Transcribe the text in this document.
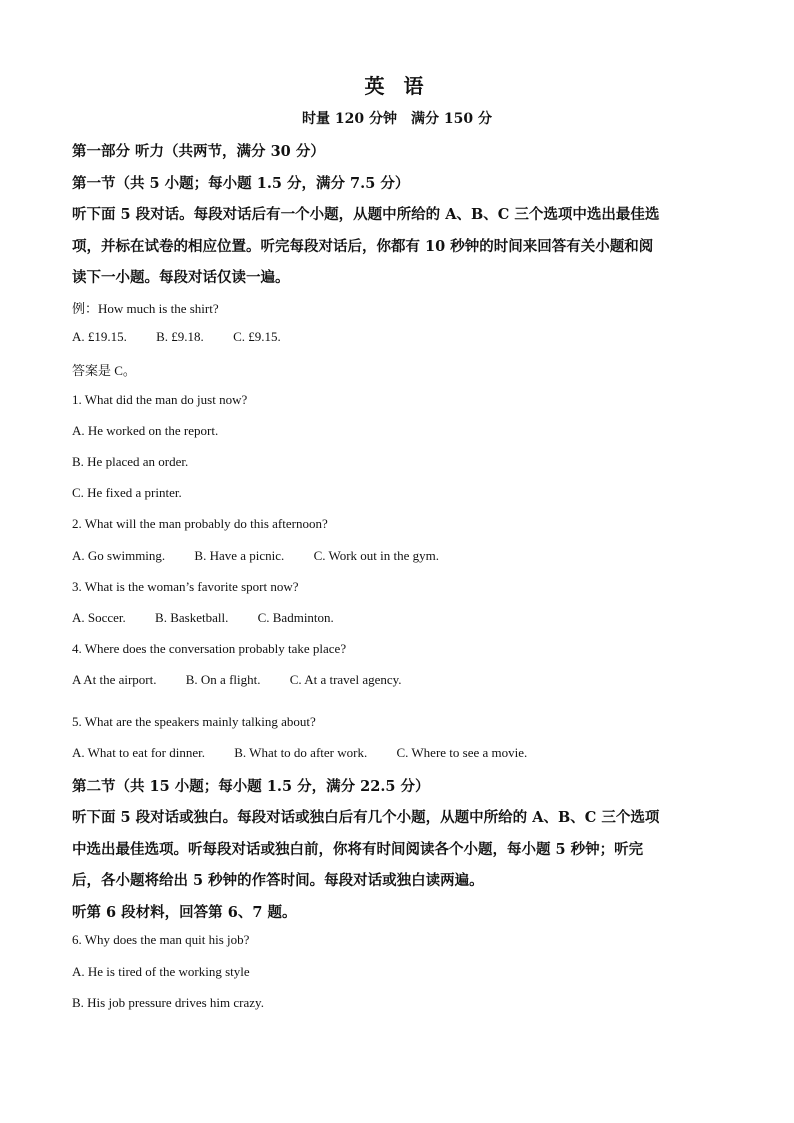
英 语
时量 120 分钟　满分 150 分
第一部分 听力（共两节，满分 30 分）
第一节（共 5 小题；每小题 1.5 分，满分 7.5 分）
听下面 5 段对话。每段对话后有一个小题，从题中所给的 A、B、C 三个选项中选出最佳选
项，并标在试卷的相应位置。听完每段对话后，你都有 10 秒钟的时间来回答有关小题和阅
读下一小题。每段对话仅读一遍。
例：How much is the shirt?
A. £19.15. B. £9.18. C. £9.15.
答案是 C。
1. What did the man do just now?
A. He worked on the report.
B. He placed an order.
C. He fixed a printer.
2. What will the man probably do this afternoon?
A. Go swimming. B. Have a picnic. C. Work out in the gym.
3. What is the woman’s favorite sport now?
A. Soccer. B. Basketball. C. Badminton.
4. Where does the conversation probably take place?
A At the airport. B. On a flight. C. At a travel agency.
5. What are the speakers mainly talking about?
A. What to eat for dinner. B. What to do after work. C. Where to see a movie.
第二节（共 15 小题；每小题 1.5 分，满分 22.5 分）
听下面 5 段对话或独白。每段对话或独白后有几个小题，从题中所给的 A、B、C 三个选项
中选出最佳选项。听每段对话或独白前，你将有时间阅读各个小题，每小题 5 秒钟；听完
后，各小题将给出 5 秒钟的作答时间。每段对话或独白读两遍。
听第 6 段材料，回答第 6、7 题。
6. Why does the man quit his job?
A. He is tired of the working style
B. His job pressure drives him crazy.
